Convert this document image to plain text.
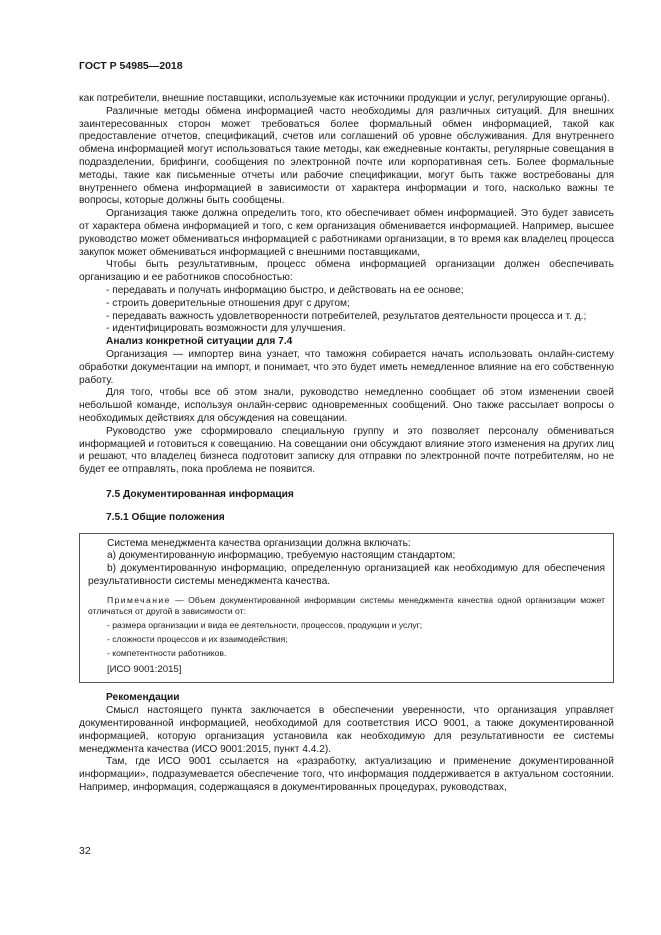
ГОСТ Р 54985—2018

как потребители, внешние поставщики, используемые как источники продукции и услуг, регулирующие органы).

Различные методы обмена информацией часто необходимы для различных ситуаций. Для внешних заинтересованных сторон может требоваться более формальный обмен информацией, такой как предоставление отчетов, спецификаций, счетов или соглашений об уровне обслуживания. Для внутреннего обмена информацией могут использоваться такие методы, как ежедневные контакты, регулярные совещания в подразделении, брифинги, сообщения по электронной почте или корпоративная сеть. Более формальные методы, такие как письменные отчеты или рабочие спецификации, могут быть также востребованы для внутреннего обмена информацией в зависимости от характера информации и того, насколько важны те вопросы, которые должны быть сообщены.

Организация также должна определить того, кто обеспечивает обмен информацией. Это будет зависеть от характера обмена информацией и того, с кем организация обменивается информацией. Например, высшее руководство может обмениваться информацией с работниками организации, в то время как владелец процесса закупок может обмениваться информацией с внешними поставщиками,

Чтобы быть результативным, процесс обмена информацией организации должен обеспечивать организацию и ее работников способностью:

- передавать и получать информацию быстро, и действовать на ее основе;

- строить доверительные отношения друг с другом;

- передавать важность удовлетворенности потребителей, результатов деятельности процесса и т. д.;

- идентифицировать возможности для улучшения.

Анализ конкретной ситуации для 7.4

Организация — импортер вина узнает, что таможня собирается начать использовать онлайн-систему обработки документации на импорт, и понимает, что это будет иметь немедленное влияние на его собственную работу.

Для того, чтобы все об этом знали, руководство немедленно сообщает об этом изменении своей небольшой команде, используя онлайн-сервис одновременных сообщений. Оно также рассылает вопросы о необходимых действиях для обсуждения на совещании.

Руководство уже сформировало специальную группу и это позволяет персоналу обмениваться информацией и готовиться к совещанию. На совещании они обсуждают влияние этого изменения на других лиц и решают, что владелец бизнеса подготовит записку для отправки по электронной почте потребителям, но не будет ее отправлять, пока проблема не появится.

7.5 Документированная информация

7.5.1 Общие положения

Система менеджмента качества организации должна включать:

a) документированную информацию, требуемую настоящим стандартом;

b) документированную информацию, определенную организацией как необходимую для обеспечения результативности системы менеджмента качества.

Примечание — Объем документированной информации системы менеджмента качества одной организации может отличаться от другой в зависимости от:

- размера организации и вида ее деятельности, процессов, продукции и услуг;

- сложности процессов и их взаимодействия;

- компетентности работников.

[ИСО 9001:2015]

Рекомендации

Смысл настоящего пункта заключается в обеспечении уверенности, что организация управляет документированной информацией, необходимой для соответствия ИСО 9001, а также документированной информацией, которую организация установила как необходимую для результативности ее системы менеджмента качества (ИСО 9001:2015, пункт 4.4.2).

Там, где ИСО 9001 ссылается на «разработку, актуализацию и применение документированной информации», подразумевается обеспечение того, что информация поддерживается в актуальном состоянии. Например, информация, содержащаяся в документированных процедурах, руководствах,

32
